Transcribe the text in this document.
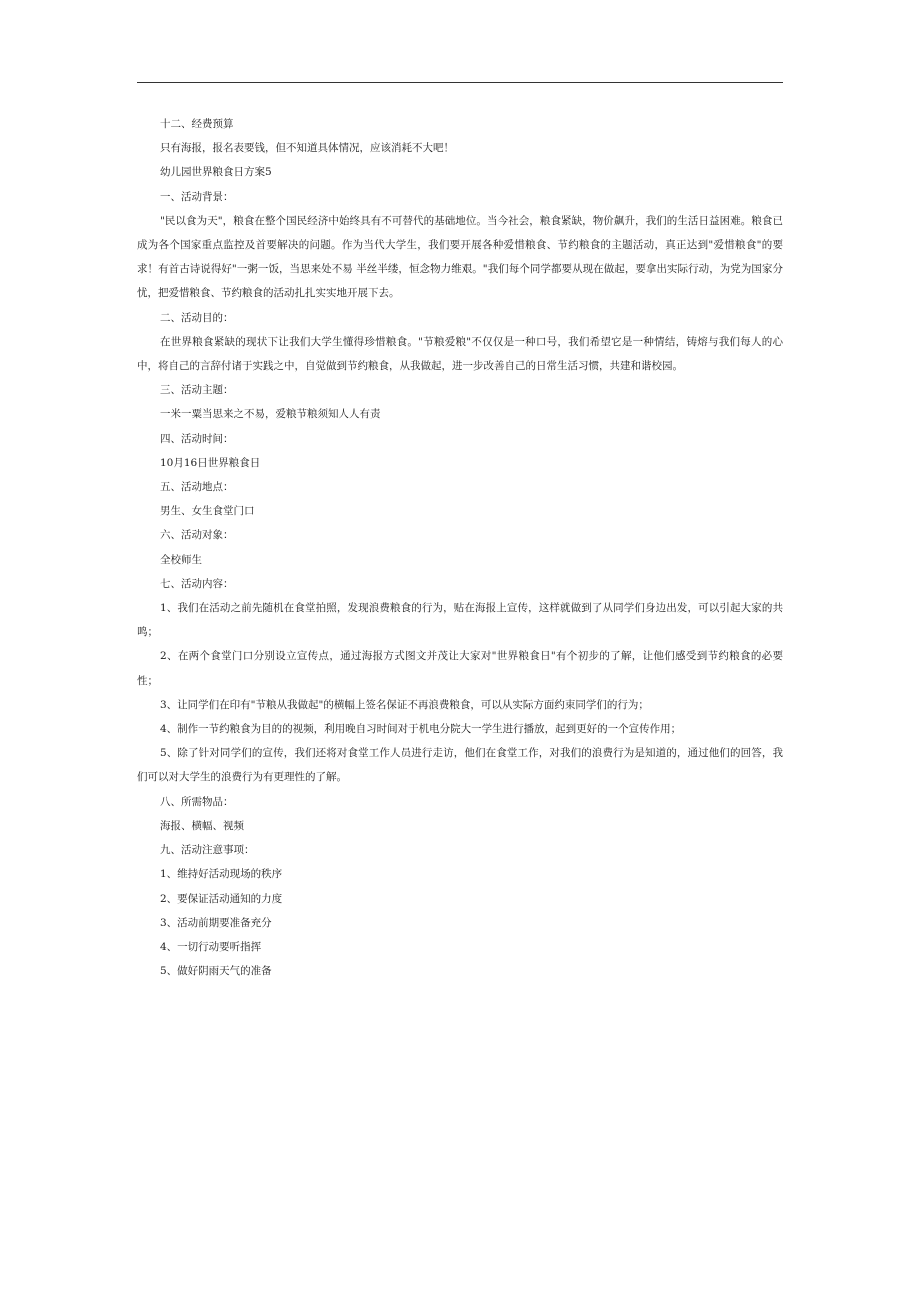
十二、经费预算

只有海报，报名表要钱，但不知道具体情况，应该消耗不大吧！

幼儿园世界粮食日方案5

一、活动背景：

"民以食为天"，粮食在整个国民经济中始终具有不可替代的基础地位。当今社会，粮食紧缺，物价飙升，我们的生活日益困难。粮食已成为各个国家重点监控及首要解决的问题。作为当代大学生，我们要开展各种爱惜粮食、节约粮食的主题活动，真正达到"爱惜粮食"的要求！有首古诗说得好"一粥一饭，当思来处不易 半丝半缕，恒念物力维艰。"我们每个同学都要从现在做起，要拿出实际行动，为党为国家分忧，把爱惜粮食、节约粮食的活动扎扎实实地开展下去。

二、活动目的：

在世界粮食紧缺的现状下让我们大学生懂得珍惜粮食。"节粮爱粮"不仅仅是一种口号，我们希望它是一种情结，铸熔与我们每人的心中，将自己的言辞付诸于实践之中，自觉做到节约粮食，从我做起，进一步改善自己的日常生活习惯，共建和谐校园。

三、活动主题：

一米一粟当思来之不易，爱粮节粮须知人人有责

四、活动时间：

10月16日世界粮食日

五、活动地点：

男生、女生食堂门口

六、活动对象：

全校师生

七、活动内容：

1、我们在活动之前先随机在食堂拍照，发现浪费粮食的行为，贴在海报上宣传，这样就做到了从同学们身边出发，可以引起大家的共鸣；

2、在两个食堂门口分别设立宣传点，通过海报方式图文并茂让大家对"世界粮食日"有个初步的了解，让他们感受到节约粮食的必要性；

3、让同学们在印有"节粮从我做起"的横幅上签名保证不再浪费粮食，可以从实际方面约束同学们的行为；

4、制作一节约粮食为目的的视频，利用晚自习时间对于机电分院大一学生进行播放，起到更好的一个宣传作用；

5、除了针对同学们的宣传，我们还将对食堂工作人员进行走访，他们在食堂工作，对我们的浪费行为是知道的，通过他们的回答，我们可以对大学生的浪费行为有更理性的了解。

八、所需物品：

海报、横幅、视频

九、活动注意事项：

1、维持好活动现场的秩序

2、要保证活动通知的力度

3、活动前期要准备充分

4、一切行动要听指挥

5、做好阴雨天气的准备
